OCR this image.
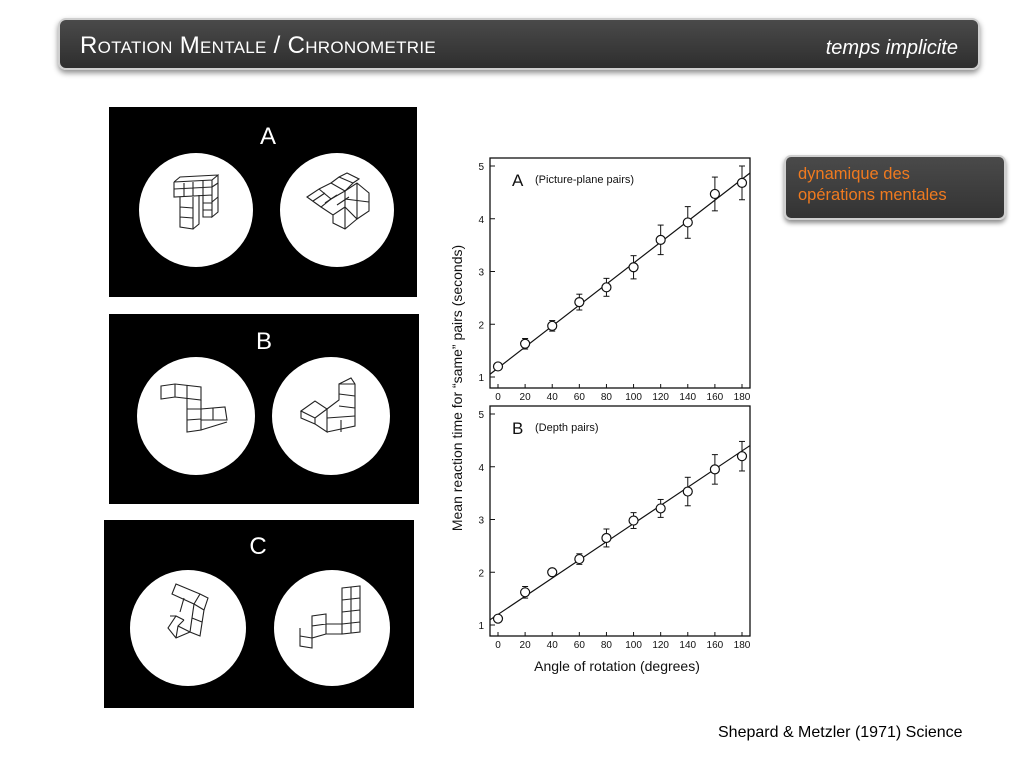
Rotation Mentale / Chronometrie	temps implicite
A
B
C
Mean reaction time for “same” pairs (seconds)
Angle of rotation (degrees)
1
2
3
4
5
0 20 40 60 80 100 120 140 160 180
A (Picture-plane pairs)
1
2
3
4
5
0 20 40 60 80 100 120 140 160 180
B (Depth pairs)
dynamique des
opérations mentales
Shepard & Metzler (1971) Science
